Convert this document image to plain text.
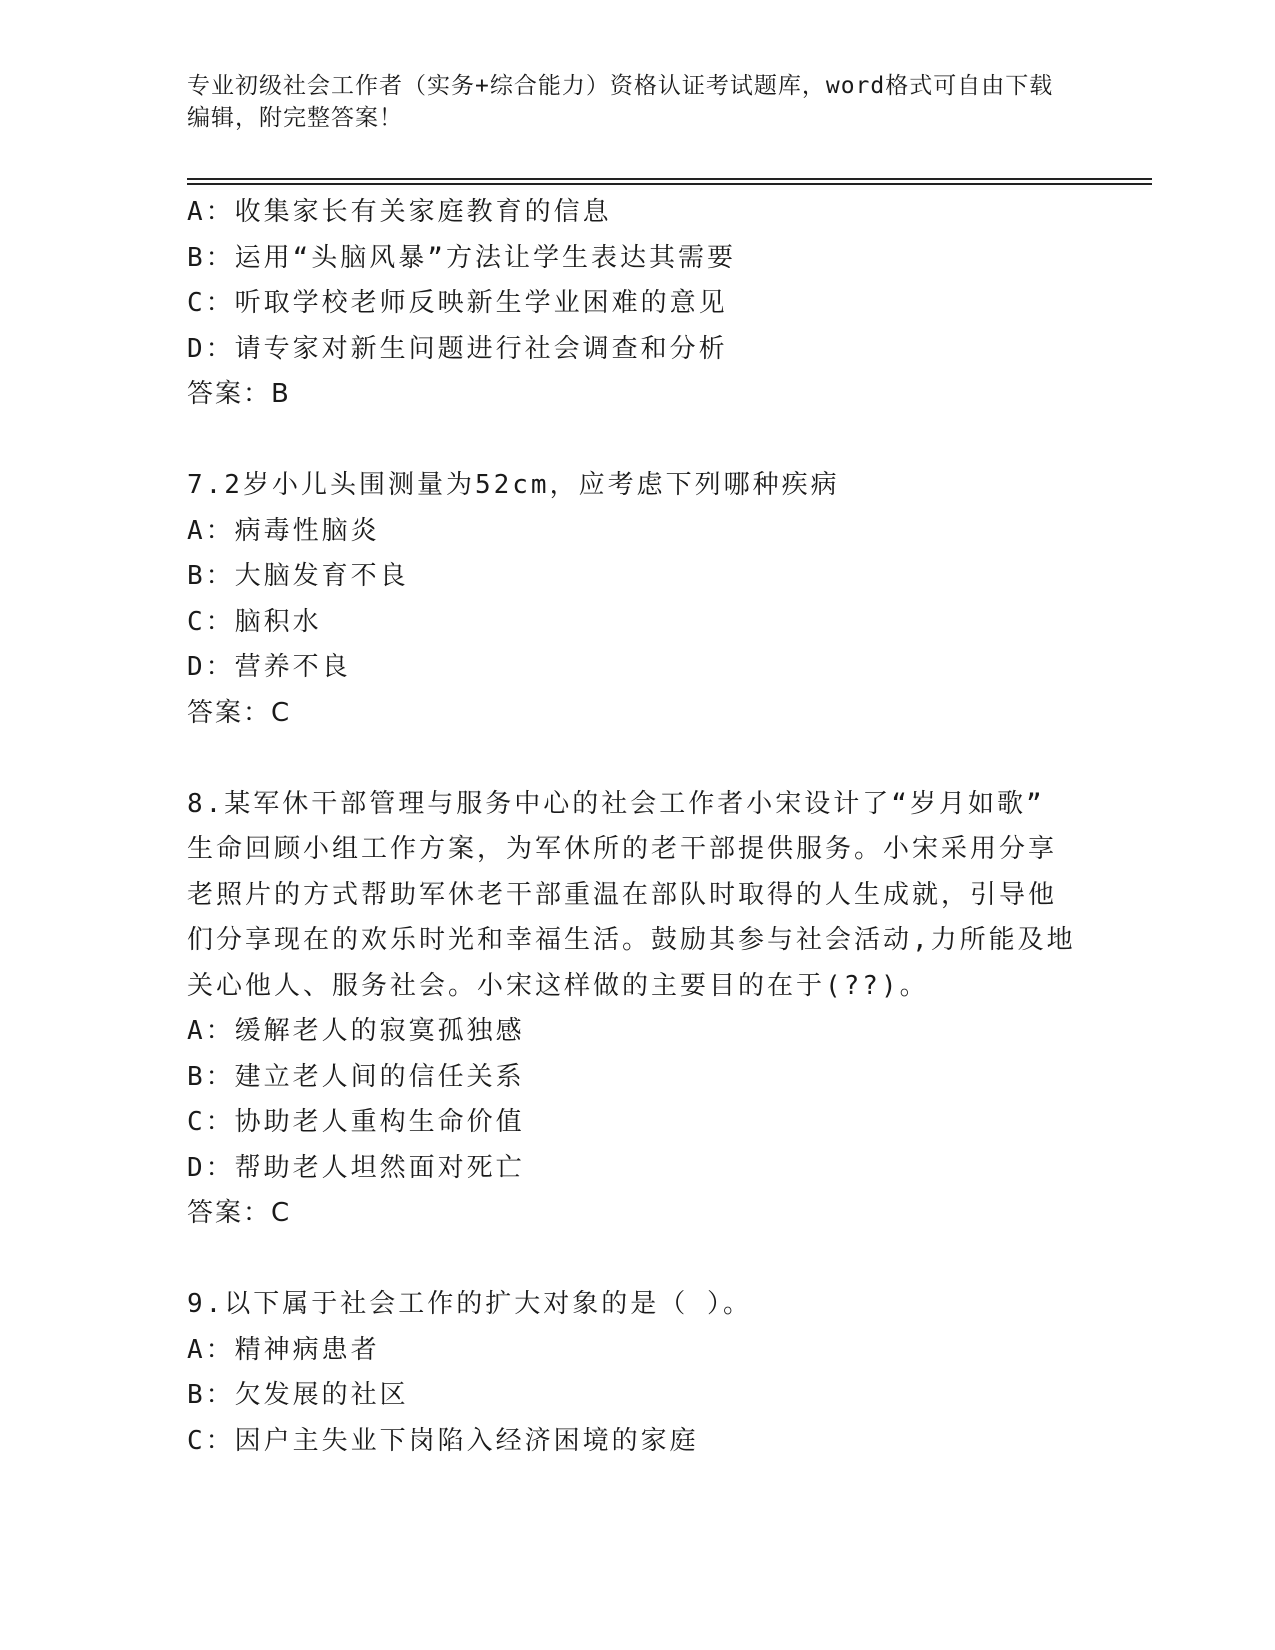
专业初级社会工作者（实务+综合能力）资格认证考试题库，word格式可自由下载
编辑，附完整答案！
A：收集家长有关家庭教育的信息
B：运用“头脑风暴”方法让学生表达其需要
C：听取学校老师反映新生学业困难的意见
D：请专家对新生问题进行社会调查和分析
答案：B
7.2岁小儿头围测量为52cm，应考虑下列哪种疾病
A：病毒性脑炎
B：大脑发育不良
C：脑积水
D：营养不良
答案：C
8.某军休干部管理与服务中心的社会工作者小宋设计了“岁月如歌”
生命回顾小组工作方案，为军休所的老干部提供服务。小宋采用分享
老照片的方式帮助军休老干部重温在部队时取得的人生成就，引导他
们分享现在的欢乐时光和幸福生活。鼓励其参与社会活动,力所能及地
关心他人、服务社会。小宋这样做的主要目的在于(??)。
A：缓解老人的寂寞孤独感
B：建立老人间的信任关系
C：协助老人重构生命价值
D：帮助老人坦然面对死亡
答案：C
9.以下属于社会工作的扩大对象的是（ ）。
A：精神病患者
B：欠发展的社区
C：因户主失业下岗陷入经济困境的家庭
